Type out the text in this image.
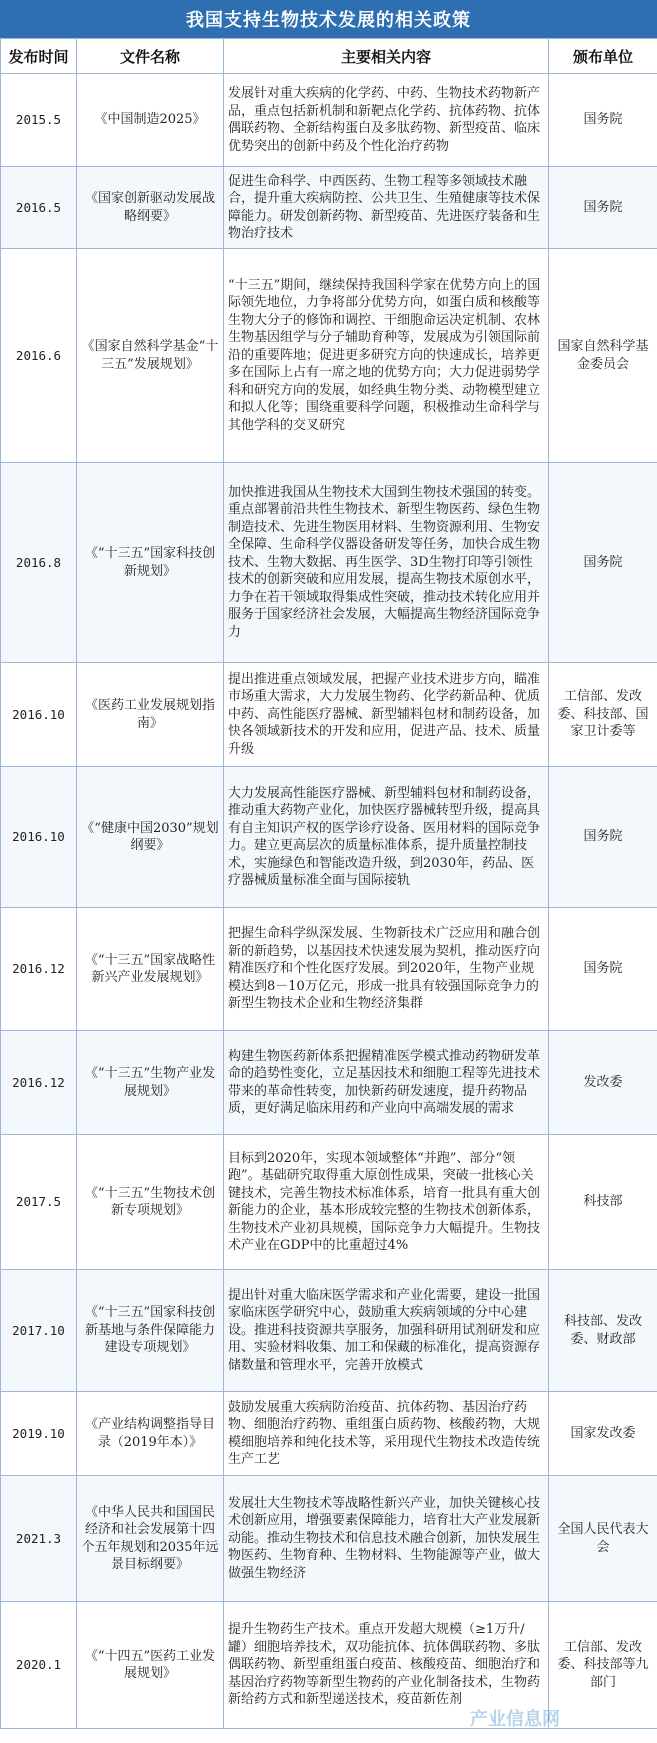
我国支持生物技术发展的相关政策
发布时间	文件名称	主要相关内容	颁布单位
2015.5	《中国制造2025》	发展针对重大疾病的化学药、中药、生物技术药物新产品，重点包括新机制和新靶点化学药、抗体药物、抗体偶联药物、全新结构蛋白及多肽药物、新型疫苗、临床优势突出的创新中药及个性化治疗药物	国务院
2016.5	《国家创新驱动发展战略纲要》	促进生命科学、中西医药、生物工程等多领域技术融合，提升重大疾病防控、公共卫生、生殖健康等技术保障能力。研发创新药物、新型疫苗、先进医疗装备和生物治疗技术	国务院
2016.6	《国家自然科学基金“十三五”发展规划》	“十三五”期间，继续保持我国科学家在优势方向上的国际领先地位，力争将部分优势方向，如蛋白质和核酸等生物大分子的修饰和调控、干细胞命运决定机制、农林生物基因组学与分子辅助育种等，发展成为引领国际前沿的重要阵地；促进更多研究方向的快速成长，培养更多在国际上占有一席之地的优势方向；大力促进弱势学科和研究方向的发展，如经典生物分类、动物模型建立和拟人化等；围绕重要科学问题，积极推动生命科学与其他学科的交叉研究	国家自然科学基金委员会
2016.8	《“十三五”国家科技创新规划》	加快推进我国从生物技术大国到生物技术强国的转变。重点部署前沿共性生物技术、新型生物医药、绿色生物制造技术、先进生物医用材料、生物资源利用、生物安全保障、生命科学仪器设备研发等任务，加快合成生物技术、生物大数据、再生医学、3D生物打印等引领性技术的创新突破和应用发展，提高生物技术原创水平，力争在若干领域取得集成性突破，推动技术转化应用并服务于国家经济社会发展，大幅提高生物经济国际竞争力	国务院
2016.10	《医药工业发展规划指南》	提出推进重点领域发展，把握产业技术进步方向，瞄准市场重大需求，大力发展生物药、化学药新品种、优质中药、高性能医疗器械、新型辅料包材和制药设备，加快各领域新技术的开发和应用，促进产品、技术、质量升级	工信部、发改委、科技部、国家卫计委等
2016.10	《“健康中国2030”规划纲要》	大力发展高性能医疗器械、新型辅料包材和制药设备，推动重大药物产业化，加快医疗器械转型升级，提高具有自主知识产权的医学诊疗设备、医用材料的国际竞争力。建立更高层次的质量标准体系，提升质量控制技术，实施绿色和智能改造升级，到2030年，药品、医疗器械质量标准全面与国际接轨	国务院
2016.12	《“十三五”国家战略性新兴产业发展规划》	把握生命科学纵深发展、生物新技术广泛应用和融合创新的新趋势，以基因技术快速发展为契机，推动医疗向精准医疗和个性化医疗发展。到2020年，生物产业规模达到8－10万亿元，形成一批具有较强国际竞争力的新型生物技术企业和生物经济集群	国务院
2016.12	《“十三五”生物产业发展规划》	构建生物医药新体系把握精准医学模式推动药物研发革命的趋势性变化，立足基因技术和细胞工程等先进技术带来的革命性转变，加快新药研发速度，提升药物品质，更好满足临床用药和产业向中高端发展的需求	发改委
2017.5	《“十三五”生物技术创新专项规划》	目标到2020年，实现本领域整体“并跑”、部分“领跑”。基础研究取得重大原创性成果，突破一批核心关键技术，完善生物技术标准体系，培育一批具有重大创新能力的企业，基本形成较完整的生物技术创新体系，生物技术产业初具规模，国际竞争力大幅提升。生物技术产业在GDP中的比重超过4%	科技部
2017.10	《“十三五”国家科技创新基地与条件保障能力建设专项规划》	提出针对重大临床医学需求和产业化需要，建设一批国家临床医学研究中心，鼓励重大疾病领域的分中心建设。推进科技资源共享服务，加强科研用试剂研发和应用、实验材料收集、加工和保藏的标准化，提高资源存储数量和管理水平，完善开放模式	科技部、发改委、财政部
2019.10	《产业结构调整指导目录（2019年本）》	鼓励发展重大疾病防治疫苗、抗体药物、基因治疗药物、细胞治疗药物、重组蛋白质药物、核酸药物，大规模细胞培养和纯化技术等，采用现代生物技术改造传统生产工艺	国家发改委
2021.3	《中华人民共和国国民经济和社会发展第十四个五年规划和2035年远景目标纲要》	发展壮大生物技术等战略性新兴产业，加快关键核心技术创新应用，增强要素保障能力，培育壮大产业发展新动能。推动生物技术和信息技术融合创新，加快发展生物医药、生物育种、生物材料、生物能源等产业，做大做强生物经济	全国人民代表大会
2020.1	《“十四五”医药工业发展规划》	提升生物药生产技术。重点开发超大规模（≥1万升/罐）细胞培养技术，双功能抗体、抗体偶联药物、多肽偶联药物、新型重组蛋白疫苗、核酸疫苗、细胞治疗和基因治疗药物等新型生物药的产业化制备技术，生物药新给药方式和新型递送技术，疫苗新佐剂	工信部、发改委、科技部等九部门
产业信息网
